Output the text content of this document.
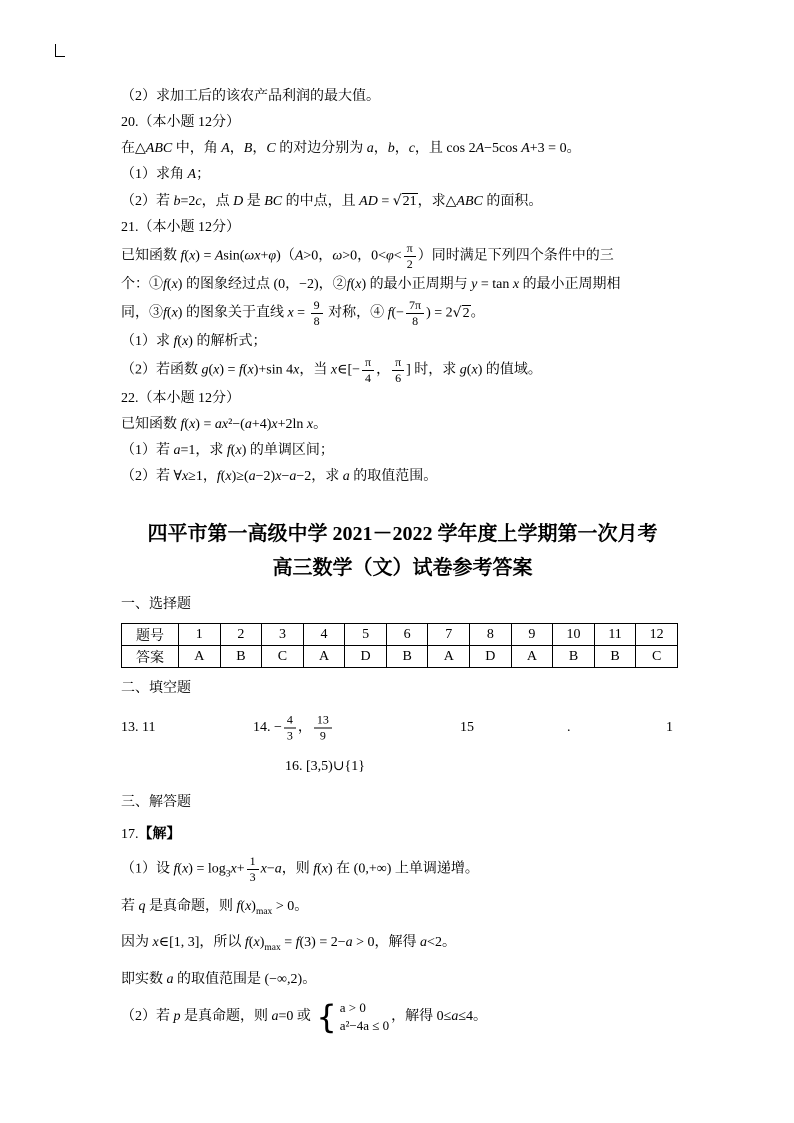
（2）求加工后的该农产品利润的最大值。
20.（本小题 12分）
在△ABC 中，角 A，B，C 的对边分别为 a，b，c，且 cos 2A−5cos A+3 = 0。
（1）求角 A；
（2）若 b=2c，点 D 是 BC 的中点，且 AD = √21，求△ABC 的面积。
21.（本小题 12分）
已知函数 f(x) = Asin(ωx+φ)（A>0，ω>0，$0<\varphi< \frac{\pi}{2}$ ）同时满足下列四个条件中的三
个：①f(x) 的图象经过点 (0，−2)，②f(x) 的最小正周期与 y = tan x 的最小正周期相
同，③f(x) 的图象关于直线 $x = \frac{9}{8}$ 对称，④ $f(- \frac{7\pi}{8}$ ) = 2√2。
（1）求 f(x) 的解析式；
（2）若函数 g(x) = f(x)+sin 4x，当 x∈[− $\frac{\pi}{4}$ ， $\frac{\pi}{6}$ ] 时，求 g(x) 的值域。
22.（本小题 12分）
已知函数 f(x) = ax²−(a+4)x+2ln x。
（1）若 a=1，求 f(x) 的单调区间；
（2）若 ∀x≥1，f(x)≥(a−2)x−a−2，求 a 的取值范围。
四平市第一高级中学 2021－2022 学年度上学期第一次月考
高三数学（文）试卷参考答案
一、选择题
题号	1	2	3	4	5	6	7	8	9	10	11	12
答案	A	B	C	A	D	B	A	D	A	B	B	C
二、填空题
13. 11	14. − $\frac{4}{3}$ ， $\frac{13}{9}$	15	.	1
16. [3,5)∪{1}
三、解答题
17.【解】
（1）设 $f(x) = \log_3x+ \frac{1}{3} x-a$，则 f(x) 在 (0,+∞) 上单调递增。
若 q 是真命题，则 $f(x)_{max} > 0$。
因为 x∈[1, 3]，所以 $f(x)_{max} = f(3) = 2-a > 0$，解得 a<2。
即实数 a 的取值范围是 (−∞,2)。
（2）若 p 是真命题，则 a=0 或 { a > 0
a²−4a ≤ 0
，解得 0≤a≤4。
